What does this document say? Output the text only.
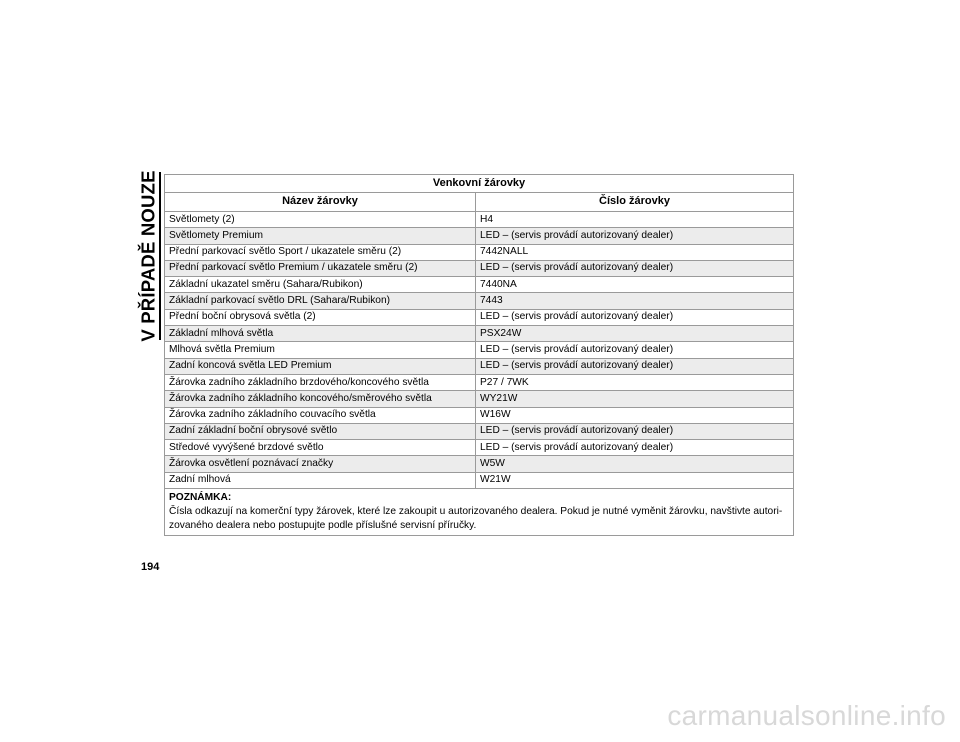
V PŘÍPADĚ NOUZE	Venkovní žárovky	
Název žárovky	Číslo žárovky
Světlomety (2)	H4
Světlomety Premium	LED – (servis provádí autorizovaný dealer)
Přední parkovací světlo Sport / ukazatele směru (2)	7442NALL
Přední parkovací světlo Premium / ukazatele směru (2)	LED – (servis provádí autorizovaný dealer)
Základní ukazatel směru (Sahara/Rubikon)	7440NA
Základní parkovací světlo DRL (Sahara/Rubikon)	7443
Přední boční obrysová světla (2)	LED – (servis provádí autorizovaný dealer)
Základní mlhová světla	PSX24W
Mlhová světla Premium	LED – (servis provádí autorizovaný dealer)
Zadní koncová světla LED Premium	LED – (servis provádí autorizovaný dealer)
Žárovka zadního základního brzdového/koncového světla	P27 / 7WK
Žárovka zadního základního koncového/směrového světla	WY21W
Žárovka zadního základního couvacího světla	W16W
Zadní základní boční obrysové světlo	LED – (servis provádí autorizovaný dealer)
Středové vyvýšené brzdové světlo	LED – (servis provádí autorizovaný dealer)
Žárovka osvětlení poznávací značky	W5W
Zadní mlhová	W21W

POZNÁMKA:
Čísla odkazují na komerční typy žárovek, které lze zakoupit u autorizovaného dealera. Pokud je nutné vyměnit žárovku, navštivte autori-zovaného dealera nebo postupujte podle příslušné servisní příručky.	
194
carmanualsonline.info
